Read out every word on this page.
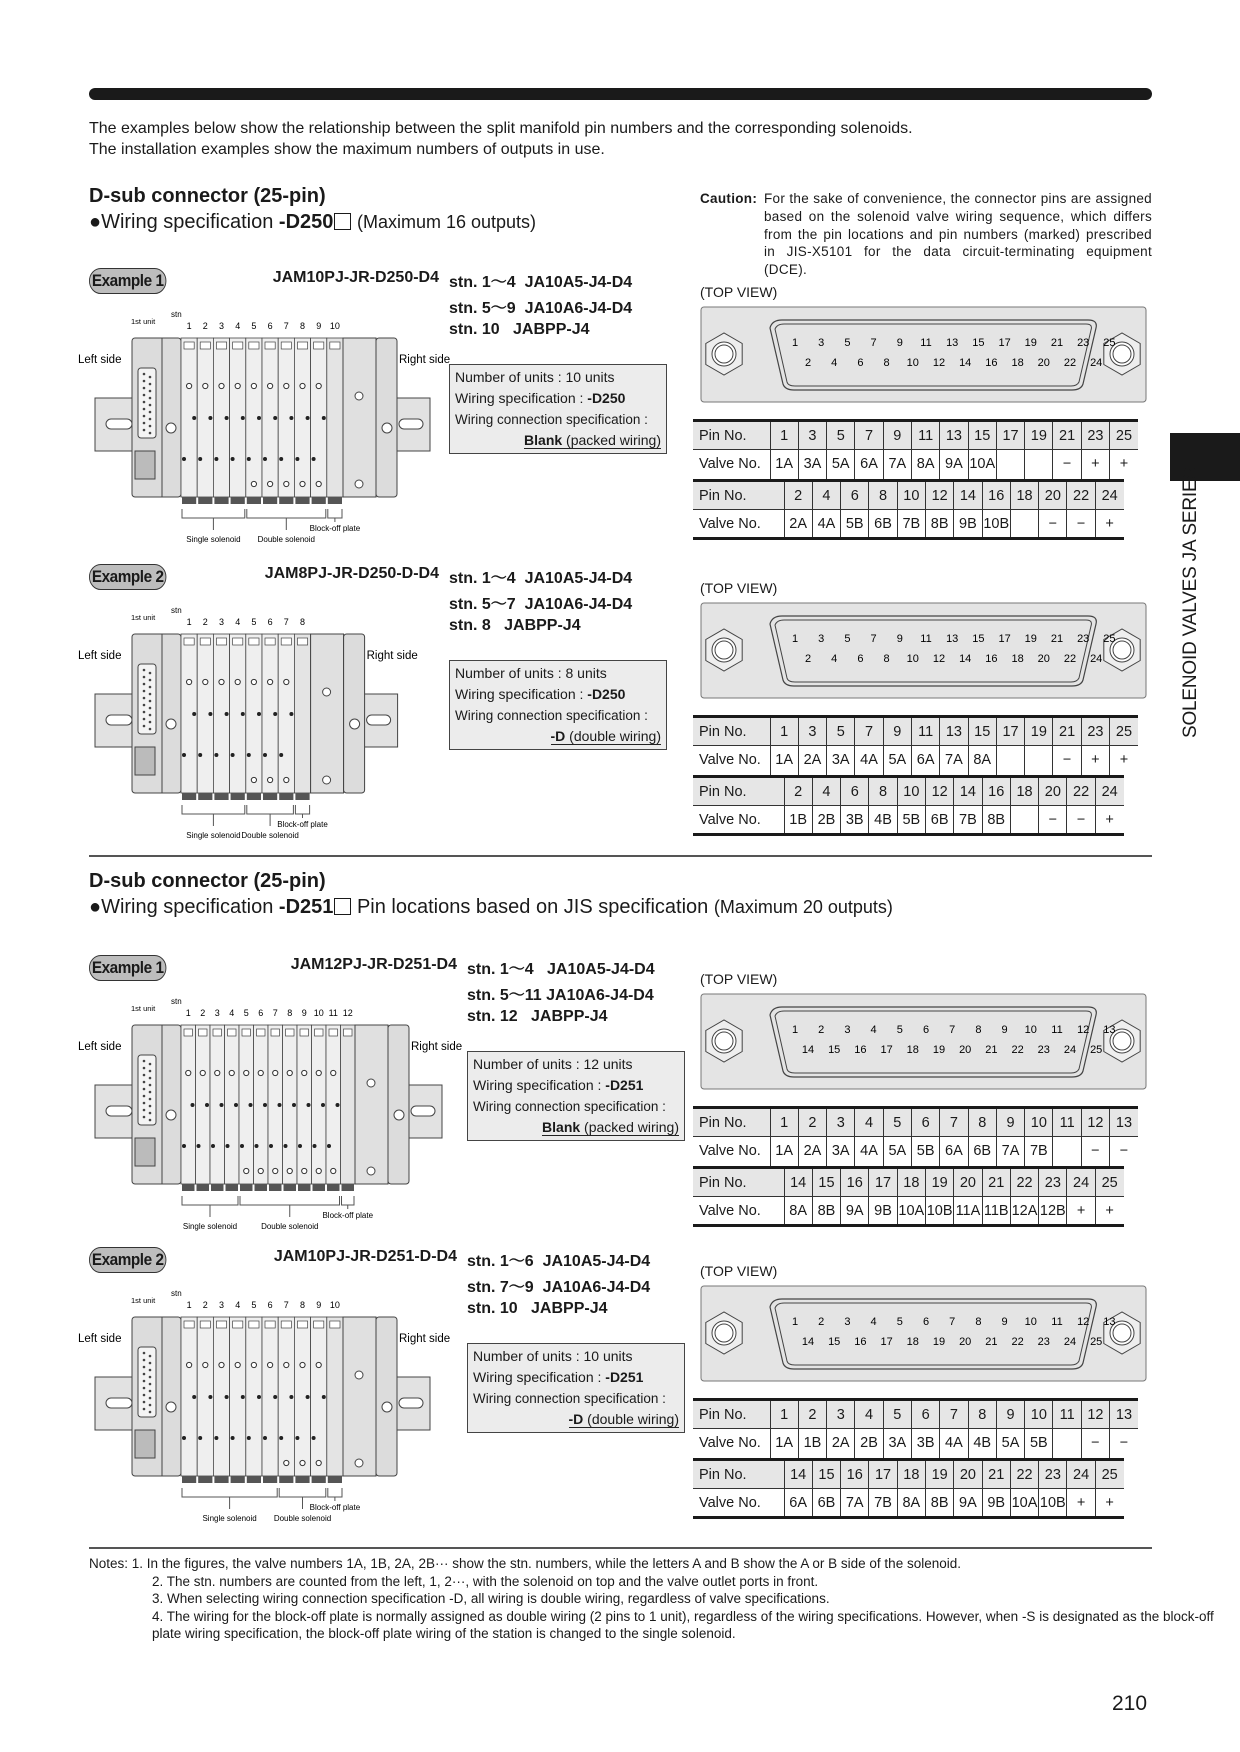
The examples below show the relationship between the split manifold pin numbers and the corresponding solenoids.
The installation examples show the maximum numbers of outputs in use.
D-sub connector (25-pin)
●Wiring specification -D250 (Maximum 16 outputs)
Caution: For the sake of convenience, the connector pins are assigned based on the solenoid valve wiring sequence, which differs from the pin locations and pin numbers (marked) prescribed in JIS-X5101 for the data circuit-terminating equipment (DCE).

D-sub connector (25-pin)
●Wiring specification -D251 Pin locations based on JIS specification (Maximum 20 outputs)
Example 1	JAM10PJ-JR-D250-D4 stn. 1～4  JA10A5-J4-D4
stn. 5～9  JA10A6-J4-D4
stn. 10   JABPP-J4
Number of units : 10 units
Wiring specification : -D250
Wiring connection specification :
Blank (packed wiring)
(TOP VIEW)
1 2 3 4 5 6 7 8 9 10
stn
1st unit
Left side	Right side
Single solenoid Double solenoid
Block-off plate
1 3 5 7 9 11 13 15 17 19 21 23 25
2 4 6 8 10 12 14 16 18 20 22 24
Pin No.	1	3	5	7	9	11	13	15	17	19	21	23	25
Valve No.	1A	3A	5A	6A	7A	8A	9A	10A			−	+	+
Pin No.	2	4	6	8	10	12	14	16	18	20	22	24
Valve No.	2A	4A	5B	6B	7B	8B	9B	10B		−	−	+
Example 2	JAM8PJ-JR-D250-D-D4 stn. 1～4  JA10A5-J4-D4
stn. 5～7  JA10A6-J4-D4
stn. 8   JABPP-J4
Number of units : 8 units
Wiring specification : -D250
Wiring connection specification :
-D (double wiring)
(TOP VIEW)
1 2 3 4 5 6 7 8
stn
1st unit
Left side	Right side
Single solenoid Double solenoid
Block-off plate
1 3 5 7 9 11 13 15 17 19 21 23 25
2 4 6 8 10 12 14 16 18 20 22 24
Pin No.	1	3	5	7	9	11	13	15	17	19	21	23	25
Valve No.	1A	2A	3A	4A	5A	6A	7A	8A			−	+	+
Pin No.	2	4	6	8	10	12	14	16	18	20	22	24
Valve No.	1B	2B	3B	4B	5B	6B	7B	8B		−	−	+
Example 1	JAM12PJ-JR-D251-D4 stn. 1～4   JA10A5-J4-D4
stn. 5～11 JA10A6-J4-D4
stn. 12   JABPP-J4
Number of units : 12 units
Wiring specification : -D251
Wiring connection specification :
Blank (packed wiring)
(TOP VIEW)
1 2 3 4 5 6 7 8 9 10 11 12
stn
1st unit
Left side	Right side
Single solenoid	Double solenoid
Block-off plate
1 2 3 4 5 6 7 8 9 10 11 12 13
14 15 16 17 18 19 20 21 22 23 24 25
Pin No.	1	2	3	4	5	6	7	8	9	10	11	12	13
Valve No.	1A	2A	3A	4A	5A	5B	6A	6B	7A	7B		−	−
Pin No.	14	15	16	17	18	19	20	21	22	23	24	25
Valve No.	8A	8B	9A	9B	10A	10B	11A	11B	12A	12B	+	+
Example 2	JAM10PJ-JR-D251-D-D4 stn. 1～6  JA10A5-J4-D4
stn. 7～9  JA10A6-J4-D4
stn. 10   JABPP-J4
Number of units : 10 units
Wiring specification : -D251
Wiring connection specification :
-D (double wiring)
(TOP VIEW)
1 2 3 4 5 6 7 8 9 10
stn
1st unit
Left side	Right side
Single solenoid Double solenoid
Block-off plate
1 2 3 4 5 6 7 8 9 10 11 12 13
14 15 16 17 18 19 20 21 22 23 24 25
Pin No.	1	2	3	4	5	6	7	8	9	10	11	12	13
Valve No.	1A	1B	2A	2B	3A	3B	4A	4B	5A	5B		−	−
Pin No.	14	15	16	17	18	19	20	21	22	23	24	25
Valve No.	6A	6B	7A	7B	8A	8B	9A	9B	10A	10B	+	+
Notes: 1. In the figures, the valve numbers 1A, 1B, 2A, 2B··· show the stn. numbers, while the letters A and B show the A or B side of the solenoid.
2. The stn. numbers are counted from the left, 1, 2···, with the solenoid on top and the valve outlet ports in front.
3. When selecting wiring connection specification -D, all wiring is double wiring, regardless of valve specifications.
4. The wiring for the block-off plate is normally assigned as double wiring (2 pins to 1 unit), regardless of the wiring specifications. However, when -S is designated as the block-off plate wiring specification, the block-off plate wiring of the station is changed to the single solenoid.
SOLENOID VALVES JA SERIES
210
